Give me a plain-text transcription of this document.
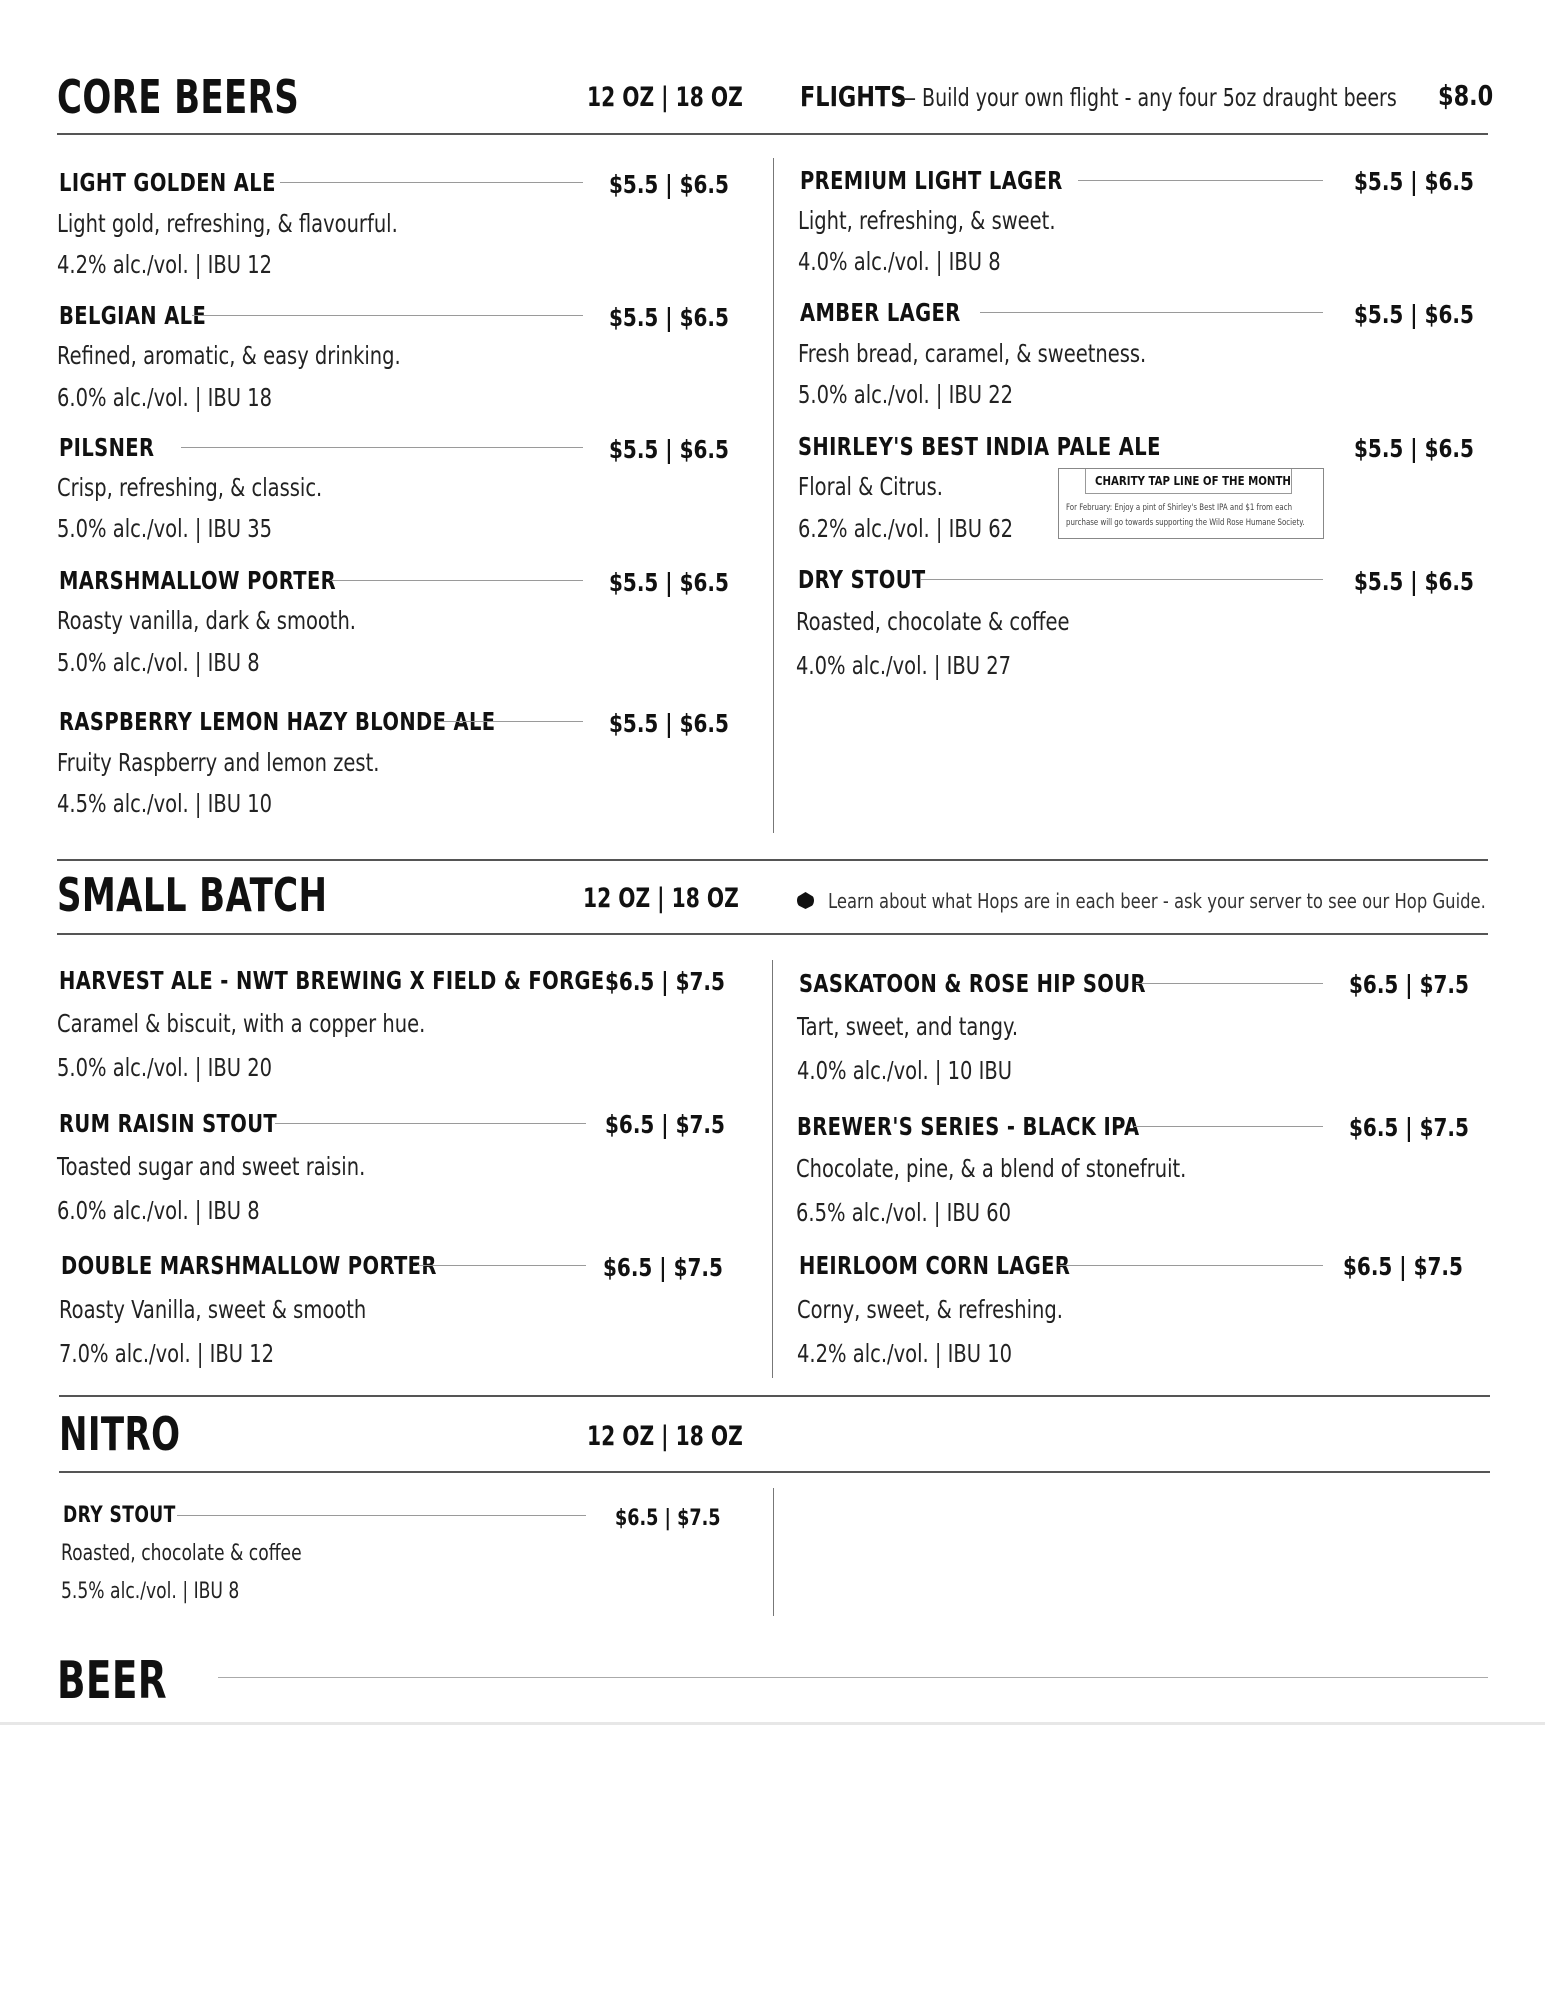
CORE BEERS	12 OZ | 18 OZ FLIGHTS
— Build your own flight - any four 5oz draught beers $8.0
LIGHT GOLDEN ALE	$5.5 | $6.5
Light gold, refreshing, & flavourful.
4.2% alc./vol. | IBU 12
BELGIAN ALE	$5.5 | $6.5
Refined, aromatic, & easy drinking.
6.0% alc./vol. | IBU 18
PILSNER	$5.5 | $6.5
Crisp, refreshing, & classic.
5.0% alc./vol. | IBU 35
MARSHMALLOW PORTER	$5.5 | $6.5
Roasty vanilla, dark & smooth.
5.0% alc./vol. | IBU 8
RASPBERRY LEMON HAZY BLONDE ALE	$5.5 | $6.5
Fruity Raspberry and lemon zest.
4.5% alc./vol. | IBU 10
PREMIUM LIGHT LAGER	$5.5 | $6.5
Light, refreshing, & sweet.
4.0% alc./vol. | IBU 8
AMBER LAGER	$5.5 | $6.5
Fresh bread, caramel, & sweetness.
5.0% alc./vol. | IBU 22
SHIRLEY'S BEST INDIA PALE ALE	$5.5 | $6.5
Floral & Citrus.
6.2% alc./vol. | IBU 62
CHARITY TAP LINE OF THE MONTH
For February: Enjoy a pint of Shirley's Best IPA and $1 from each
purchase will go towards supporting the Wild Rose Humane Society.
DRY STOUT	$5.5 | $6.5
Roasted, chocolate & coffee
4.0% alc./vol. | IBU 27
SMALL BATCH	12 OZ | 18 OZ	Learn about what Hops are in each beer - ask your server to see our Hop Guide.
HARVEST ALE - NWT BREWING X FIELD & FORGE $6.5 | $7.5
Caramel & biscuit, with a copper hue.
5.0% alc./vol. | IBU 20
RUM RAISIN STOUT	$6.5 | $7.5
Toasted sugar and sweet raisin.
6.0% alc./vol. | IBU 8
DOUBLE MARSHMALLOW PORTER	$6.5 | $7.5
Roasty Vanilla, sweet & smooth
7.0% alc./vol. | IBU 12
SASKATOON & ROSE HIP SOUR	$6.5 | $7.5
Tart, sweet, and tangy.
4.0% alc./vol. | 10 IBU
BREWER'S SERIES - BLACK IPA	$6.5 | $7.5
Chocolate, pine, & a blend of stonefruit.
6.5% alc./vol. | IBU 60
HEIRLOOM CORN LAGER	$6.5 | $7.5
Corny, sweet, & refreshing.
4.2% alc./vol. | IBU 10
NITRO	12 OZ | 18 OZ
DRY STOUT	$6.5 | $7.5
Roasted, chocolate & coffee
5.5% alc./vol. | IBU 8
BEER
